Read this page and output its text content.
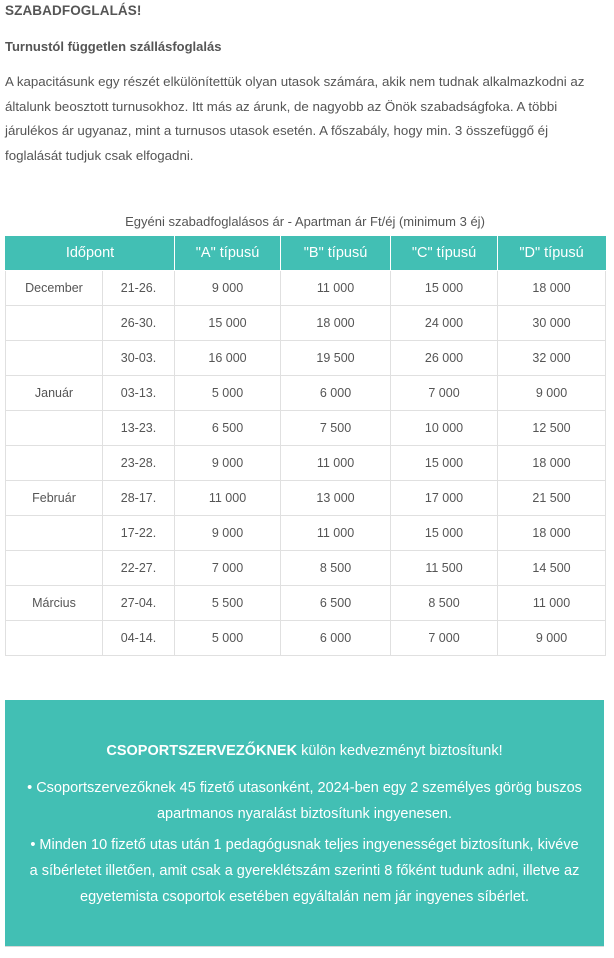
SZABADFOGLALÁS!
Turnustól független szállásfoglalás

A kapacitásunk egy részét elkülönítettük olyan utasok számára, akik nem tudnak alkalmazkodni az általunk beosztott turnusokhoz. Itt más az árunk, de nagyobb az Önök szabadságfoka. A többi járulékos ár ugyanaz, mint a turnusos utasok esetén. A főszabály, hogy min. 3 összefüggő éj foglalását tudjuk csak elfogadni.

Egyéni szabadfoglalásos ár - Apartman ár Ft/éj (minimum 3 éj)
Időpont		"A" típusú	"B" típusú	"C" típusú	"D" típusú
December	21-26.	9 000	11 000	15 000	18 000
	26-30.	15 000	18 000	24 000	30 000
	30-03.	16 000	19 500	26 000	32 000
Január	03-13.	5 000	6 000	7 000	9 000
	13-23.	6 500	7 500	10 000	12 500
	23-28.	9 000	11 000	15 000	18 000
Február	28-17.	11 000	13 000	17 000	21 500
	17-22.	9 000	11 000	15 000	18 000
	22-27.	7 000	8 500	11 500	14 500
Március	27-04.	5 500	6 500	8 500	11 000
	04-14.	5 000	6 000	7 000	9 000
CSOPORTSZERVEZŐKNEK külön kedvezményt biztosítunk!

• Csoportszervezőknek 45 fizető utasonként, 2024-ben egy 2 személyes görög buszos apartmanos nyaralást biztosítunk ingyenesen.

• Minden 10 fizető utas után 1 pedagógusnak teljes ingyenességet biztosítunk, kivéve a síbérletet illetően, amit csak a gyereklétszám szerinti 8 főként tudunk adni, illetve az egyetemista csoportok esetében egyáltalán nem jár ingyenes síbérlet.
